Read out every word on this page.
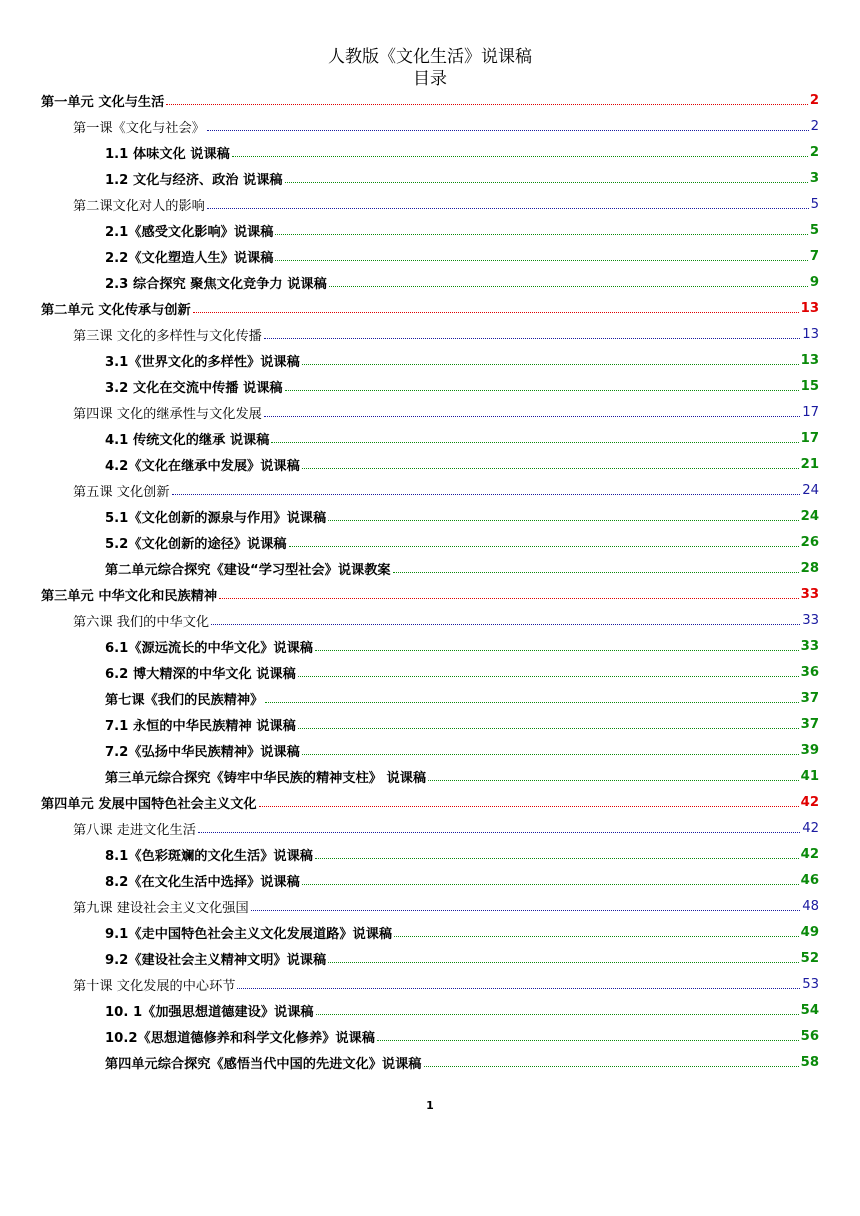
人教版《文化生活》说课稿
目录
第一单元 文化与生活	2
第一课《文化与社会》	2
1.1 体味文化 说课稿	2
1.2 文化与经济、政治 说课稿	3
第二课文化对人的影响	5
2.1《感受文化影响》说课稿	5
2.2《文化塑造人生》说课稿	7
2.3 综合探究 聚焦文化竞争力 说课稿	9
第二单元 文化传承与创新	13
第三课 文化的多样性与文化传播	13
3.1《世界文化的多样性》说课稿	13
3.2 文化在交流中传播 说课稿	15
第四课 文化的继承性与文化发展	17
4.1 传统文化的继承 说课稿	17
4.2《文化在继承中发展》说课稿	21
第五课 文化创新	24
5.1《文化创新的源泉与作用》说课稿	24
5.2《文化创新的途径》说课稿	26
第二单元综合探究《建设“学习型社会》说课教案	28
第三单元 中华文化和民族精神	33
第六课 我们的中华文化	33
6.1《源远流长的中华文化》说课稿	33
6.2 博大精深的中华文化 说课稿	36
第七课《我们的民族精神》	37
7.1 永恒的中华民族精神 说课稿	37
7.2《弘扬中华民族精神》说课稿	39
第三单元综合探究《铸牢中华民族的精神支柱》 说课稿	41
第四单元 发展中国特色社会主义文化	42
第八课 走进文化生活	42
8.1《色彩斑斓的文化生活》说课稿	42
8.2《在文化生活中选择》说课稿	46
第九课 建设社会主义文化强国	48
9.1《走中国特色社会主义文化发展道路》说课稿	49
9.2《建设社会主义精神文明》说课稿	52
第十课 文化发展的中心环节	53
10. 1《加强思想道德建设》说课稿	54
10.2《思想道德修养和科学文化修养》说课稿	56
第四单元综合探究《感悟当代中国的先进文化》说课稿	58
1
